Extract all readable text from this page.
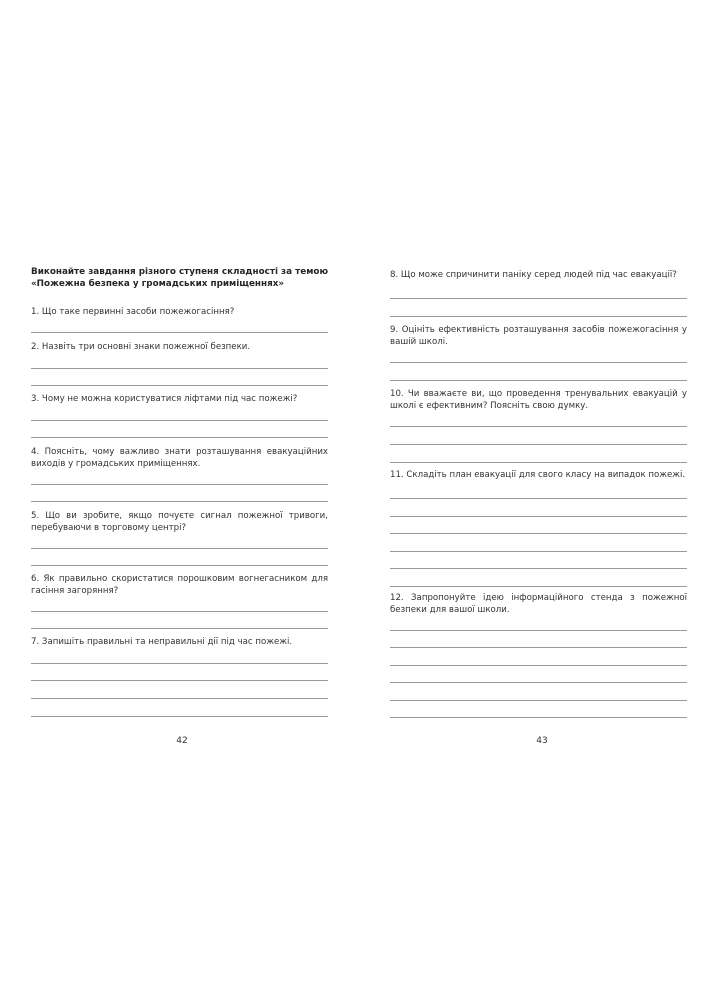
Виконайте завдання різного ступеня складності за темою «Пожежна безпека у громадських приміщеннях»
1. Що таке первинні засоби пожежогасіння?
2. Назвіть три основні знаки пожежної безпеки.
3. Чому не можна користуватися ліфтами під час пожежі?
4. Поясніть, чому важливо знати розташування евакуаційних виходів у громадських приміщеннях.
5. Що ви зробите, якщо почуєте сигнал пожежної тривоги, перебуваючи в торговому центрі?
6. Як правильно скористатися порошковим вогнегасником для гасіння загоряння?
7. Запишіть правильні та неправильні дії під час пожежі.
42
8. Що може спричинити паніку серед людей під час евакуації?
9. Оцініть ефективність розташування засобів пожежогасіння у вашій школі.
10. Чи вважаєте ви, що проведення тренувальних евакуацій у школі є ефективним? Поясніть свою думку.
11. Складіть план евакуації для свого класу на випадок пожежі.
12. Запропонуйте ідею інформаційного стенда з пожежної безпеки для вашої школи.
43
